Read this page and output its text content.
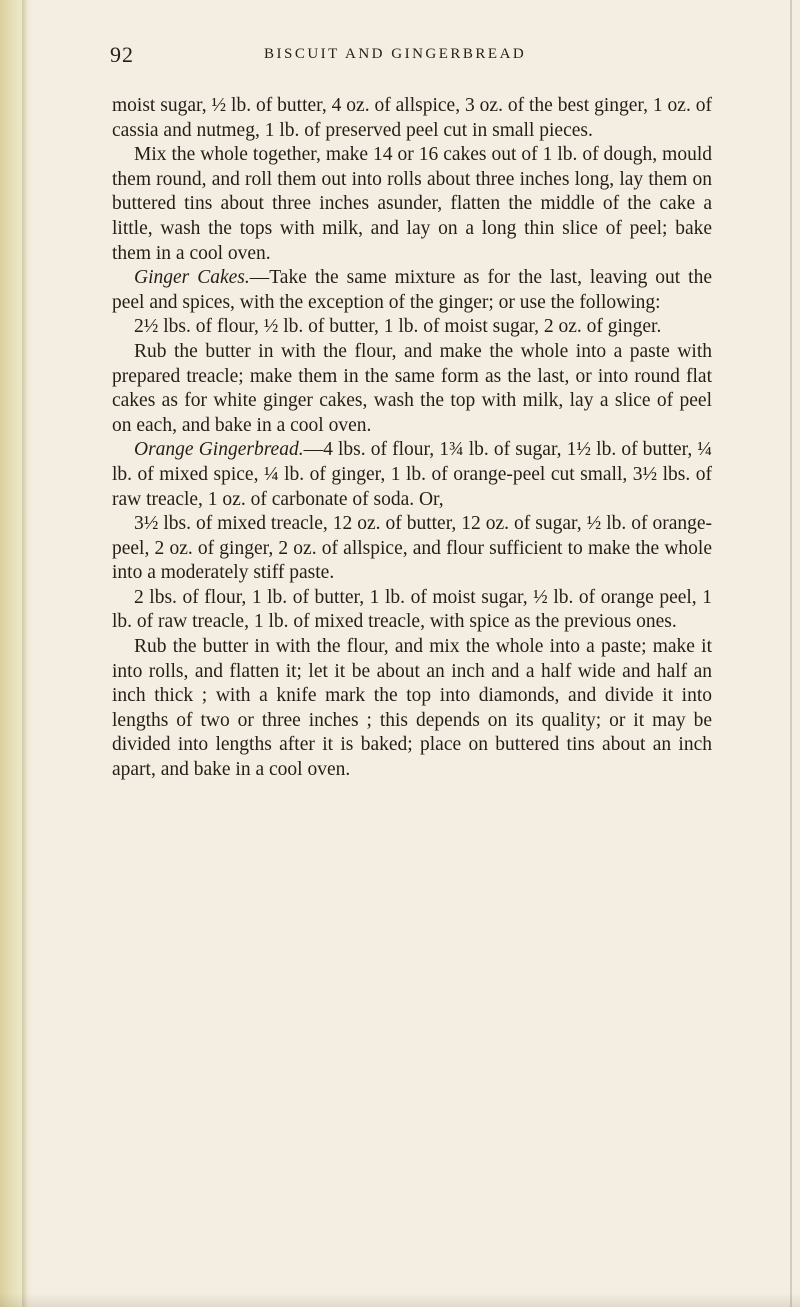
92	BISCUIT AND GINGERBREAD

moist sugar, ½ lb. of butter, 4 oz. of allspice, 3 oz. of the best ginger, 1 oz. of cassia and nutmeg, 1 lb. of preserved peel cut in small pieces.

Mix the whole together, make 14 or 16 cakes out of 1 lb. of dough, mould them round, and roll them out into rolls about three inches long, lay them on buttered tins about three inches asunder, flatten the middle of the cake a little, wash the tops with milk, and lay on a long thin slice of peel; bake them in a cool oven.

Ginger Cakes.—Take the same mixture as for the last, leaving out the peel and spices, with the exception of the ginger; or use the following:

2½ lbs. of flour, ½ lb. of butter, 1 lb. of moist sugar, 2 oz. of ginger.

Rub the butter in with the flour, and make the whole into a paste with prepared treacle; make them in the same form as the last, or into round flat cakes as for white ginger cakes, wash the top with milk, lay a slice of peel on each, and bake in a cool oven.

Orange Gingerbread.—4 lbs. of flour, 1¾ lb. of sugar, 1½ lb. of butter, ¼ lb. of mixed spice, ¼ lb. of ginger, 1 lb. of orange-peel cut small, 3½ lbs. of raw treacle, 1 oz. of carbonate of soda. Or,

3½ lbs. of mixed treacle, 12 oz. of butter, 12 oz. of sugar, ½ lb. of orange-peel, 2 oz. of ginger, 2 oz. of allspice, and flour sufficient to make the whole into a moderately stiff paste.

2 lbs. of flour, 1 lb. of butter, 1 lb. of moist sugar, ½ lb. of orange peel, 1 lb. of raw treacle, 1 lb. of mixed treacle, with spice as the previous ones.

Rub the butter in with the flour, and mix the whole into a paste; make it into rolls, and flatten it; let it be about an inch and a half wide and half an inch thick ; with a knife mark the top into diamonds, and divide it into lengths of two or three inches ; this depends on its quality; or it may be divided into lengths after it is baked; place on buttered tins about an inch apart, and bake in a cool oven.
